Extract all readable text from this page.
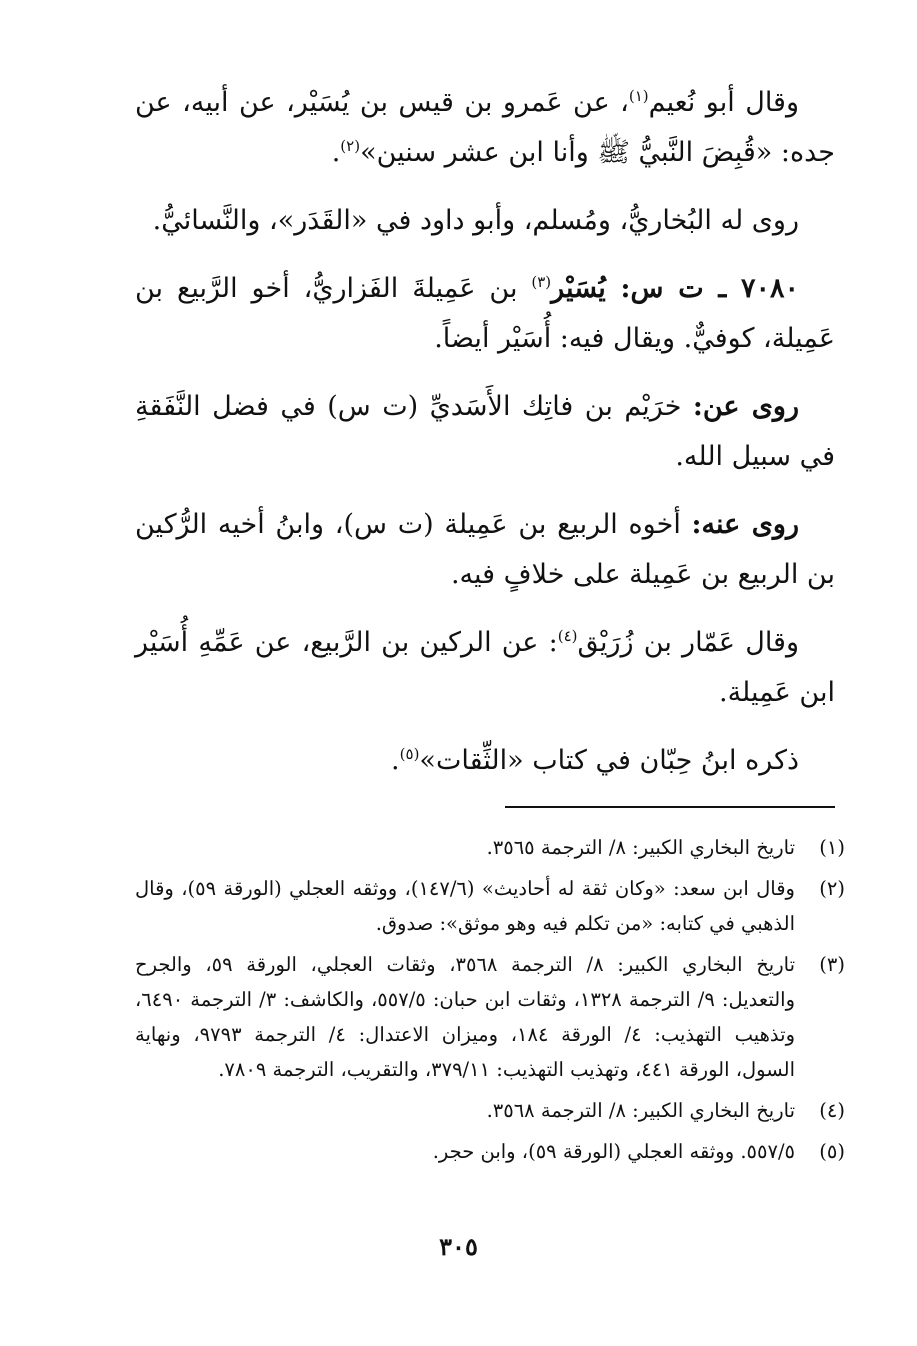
وقال أبو نُعيم$^{(١)}$، عن عَمرو بن قيس بن يُسَيْر، عن أبيه، عن جده: «قُبِضَ النَّبيُّ ﷺ وأنا ابن عشر سنين»$^{(٢)}$.

روى له البُخاريُّ، ومُسلم، وأبو داود في «القَدَر»، والنَّسائيُّ.

٧٠٨٠ ـ ت س: يُسَيْر$^{(٣)}$ بن عَمِيلةَ الفَزاريُّ، أخو الرَّبيع بن عَمِيلة، كوفيٌّ. ويقال فيه: أُسَيْر أيضاً.

روى عن: خرَيْم بن فاتِك الأَسَديِّ (ت س) في فضل النَّفَقةِ في سبيل الله.

روى عنه: أخوه الربيع بن عَمِيلة (ت س)، وابنُ أخيه الرُّكين بن الربيع بن عَمِيلة على خلافٍ فيه.

وقال عَمّار بن زُرَيْق$^{(٤)}$: عن الركين بن الرَّبيع، عن عَمِّهِ أُسَيْر ابن عَمِيلة.

ذكره ابنُ حِبّان في كتاب «الثِّقات»$^{(٥)}$.

(١)
تاريخ البخاري الكبير: ٨/ الترجمة ٣٥٦٥.
(٢)
وقال ابن سعد: «وكان ثقة له أحاديث» (١٤٧/٦)، ووثقه العجلي (الورقة ٥٩)، وقال الذهبي في كتابه: «من تكلم فيه وهو موثق»: صدوق.
(٣)
تاريخ البخاري الكبير: ٨/ الترجمة ٣٥٦٨، وثقات العجلي، الورقة ٥٩، والجرح والتعديل: ٩/ الترجمة ١٣٢٨، وثقات ابن حبان: ٥٥٧/٥، والكاشف: ٣/ الترجمة ٦٤٩٠، وتذهيب التهذيب: ٤/ الورقة ١٨٤، وميزان الاعتدال: ٤/ الترجمة ٩٧٩٣، ونهاية السول، الورقة ٤٤١، وتهذيب التهذيب: ٣٧٩/١١، والتقريب، الترجمة ٧٨٠٩.
(٤)
تاريخ البخاري الكبير: ٨/ الترجمة ٣٥٦٨.
(٥)
٥٥٧/٥. ووثقه العجلي (الورقة ٥٩)، وابن حجر.
٣٠٥
